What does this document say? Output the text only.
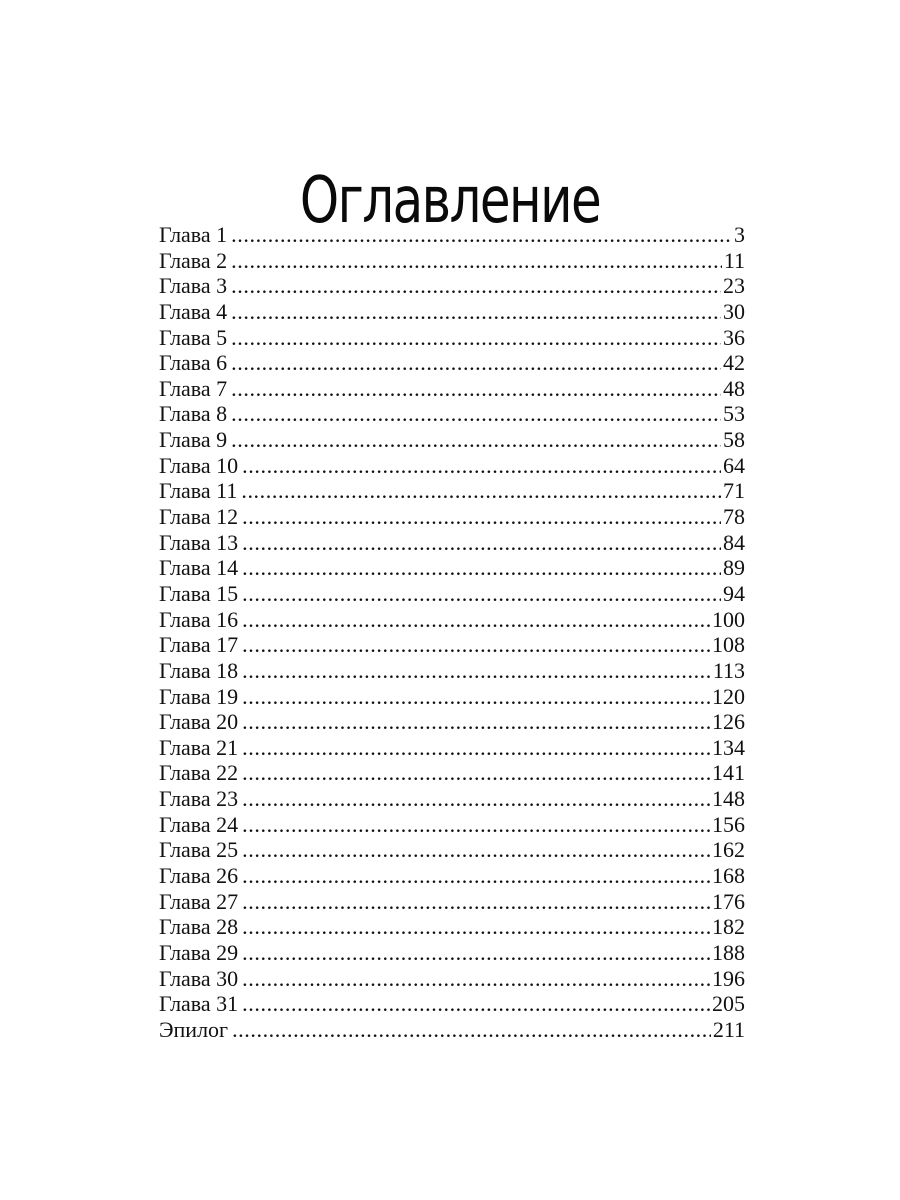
Оглавление
Глава 1 .....	3
Глава 2 .....	11
Глава 3 .....	23
Глава 4 .....	30
Глава 5 .....	36
Глава 6 .....	42
Глава 7 .....	48
Глава 8 .....	53
Глава 9 .....	58
Глава 10 .....	64
Глава 11 .....	71
Глава 12 .....	78
Глава 13 .....	84
Глава 14 .....	89
Глава 15 .....	94
Глава 16 .....	100
Глава 17 .....	108
Глава 18 .....	113
Глава 19 .....	120
Глава 20 .....	126
Глава 21 .....	134
Глава 22 .....	141
Глава 23 .....	148
Глава 24 .....	156
Глава 25 .....	162
Глава 26 .....	168
Глава 27 .....	176
Глава 28 .....	182
Глава 29 .....	188
Глава 30 .....	196
Глава 31 .....	205
Эпилог .....	211
